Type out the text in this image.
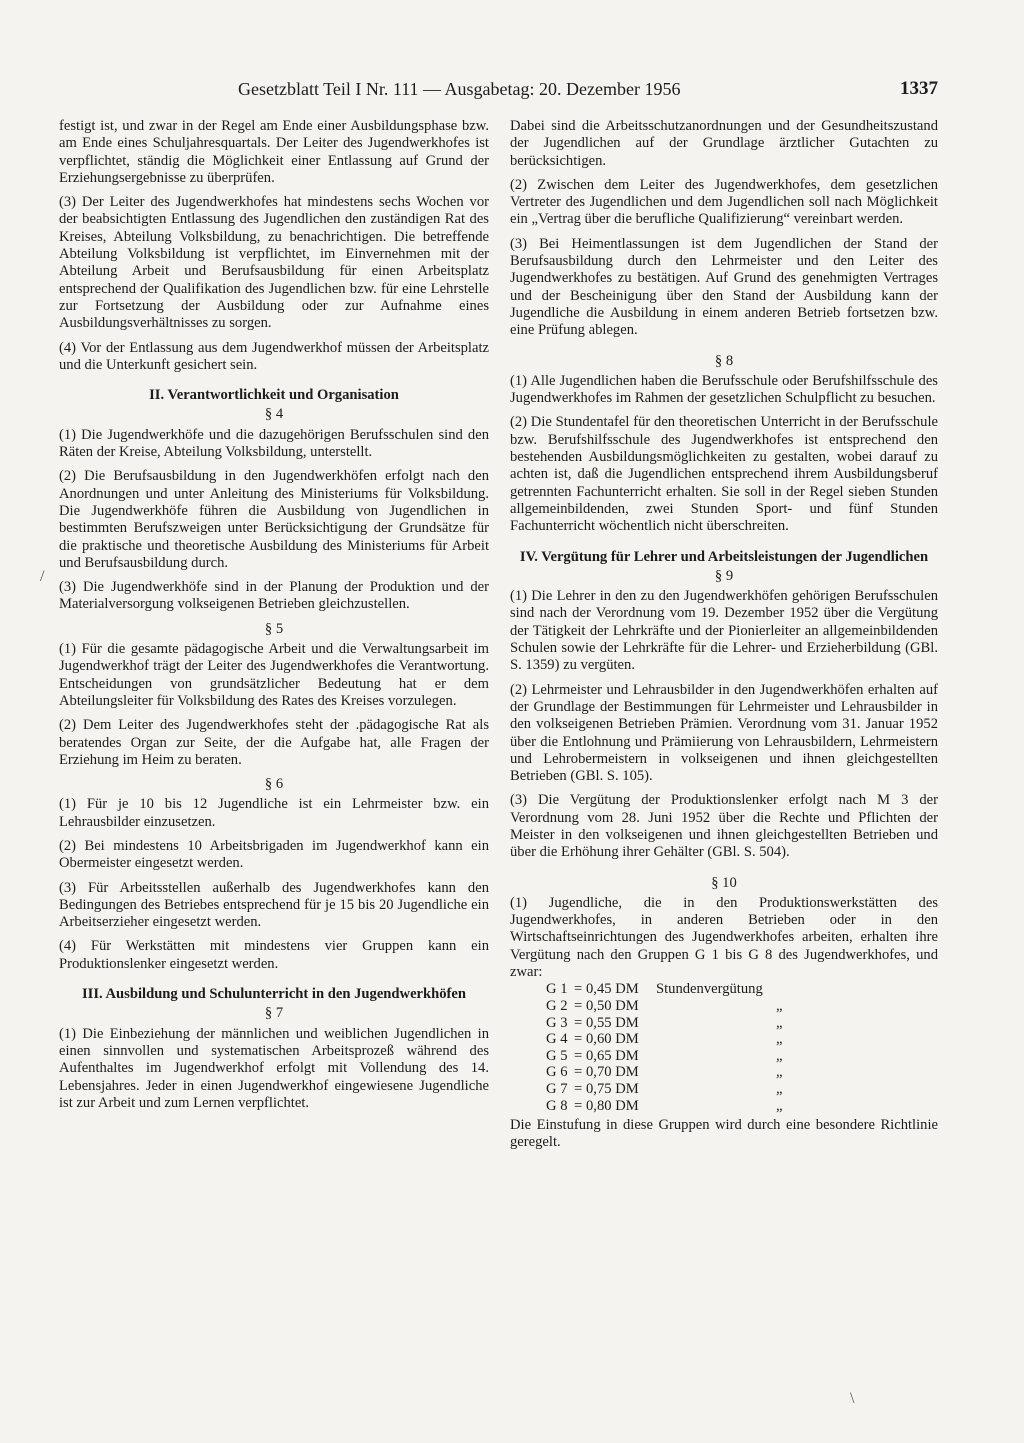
Gesetzblatt Teil I Nr. 111 — Ausgabetag: 20. Dezember 1956	1337

festigt ist, und zwar in der Regel am Ende einer Ausbildungsphase bzw. am Ende eines Schuljahresquartals. Der Leiter des Jugendwerkhofes ist verpflichtet, ständig die Möglichkeit einer Entlassung auf Grund der Erziehungsergebnisse zu überprüfen.

(3) Der Leiter des Jugendwerkhofes hat mindestens sechs Wochen vor der beabsichtigten Entlassung des Jugendlichen den zuständigen Rat des Kreises, Abteilung Volksbildung, zu benachrichtigen. Die betreffende Abteilung Volksbildung ist verpflichtet, im Einvernehmen mit der Abteilung Arbeit und Berufsausbildung für einen Arbeitsplatz entsprechend der Qualifikation des Jugendlichen bzw. für eine Lehrstelle zur Fortsetzung der Ausbildung oder zur Aufnahme eines Ausbildungsverhältnisses zu sorgen.

(4) Vor der Entlassung aus dem Jugendwerkhof müssen der Arbeitsplatz und die Unterkunft gesichert sein.

II. Verantwortlichkeit und Organisation
§ 4

(1) Die Jugendwerkhöfe und die dazugehörigen Berufsschulen sind den Räten der Kreise, Abteilung Volksbildung, unterstellt.

(2) Die Berufsausbildung in den Jugendwerkhöfen erfolgt nach den Anordnungen und unter Anleitung des Ministeriums für Volksbildung. Die Jugendwerkhöfe führen die Ausbildung von Jugendlichen in bestimmten Berufszweigen unter Berücksichtigung der Grundsätze für die praktische und theoretische Ausbildung des Ministeriums für Arbeit und Berufsausbildung durch.

(3) Die Jugendwerkhöfe sind in der Planung der Produktion und der Materialversorgung volkseigenen Betrieben gleichzustellen.

§ 5

(1) Für die gesamte pädagogische Arbeit und die Verwaltungsarbeit im Jugendwerkhof trägt der Leiter des Jugendwerkhofes die Verantwortung. Entscheidungen von grundsätzlicher Bedeutung hat er dem Abteilungsleiter für Volksbildung des Rates des Kreises vorzulegen.

(2) Dem Leiter des Jugendwerkhofes steht der .pädagogische Rat als beratendes Organ zur Seite, der die Aufgabe hat, alle Fragen der Erziehung im Heim zu beraten.

§ 6

(1) Für je 10 bis 12 Jugendliche ist ein Lehrmeister bzw. ein Lehrausbilder einzusetzen.

(2) Bei mindestens 10 Arbeitsbrigaden im Jugendwerkhof kann ein Obermeister eingesetzt werden.

(3) Für Arbeitsstellen außerhalb des Jugendwerkhofes kann den Bedingungen des Betriebes entsprechend für je 15 bis 20 Jugendliche ein Arbeitserzieher eingesetzt werden.

(4) Für Werkstätten mit mindestens vier Gruppen kann ein Produktionslenker eingesetzt werden.

III. Ausbildung und Schulunterricht in den Jugendwerkhöfen
§ 7

(1) Die Einbeziehung der männlichen und weiblichen Jugendlichen in einen sinnvollen und systematischen Arbeitsprozeß während des Aufenthaltes im Jugendwerkhof erfolgt mit Vollendung des 14. Lebensjahres. Jeder in einen Jugendwerkhof eingewiesene Jugendliche ist zur Arbeit und zum Lernen verpflichtet.

Dabei sind die Arbeitsschutzanordnungen und der Gesundheitszustand der Jugendlichen auf der Grundlage ärztlicher Gutachten zu berücksichtigen.

(2) Zwischen dem Leiter des Jugendwerkhofes, dem gesetzlichen Vertreter des Jugendlichen und dem Jugendlichen soll nach Möglichkeit ein „Vertrag über die berufliche Qualifizierung“ vereinbart werden.

(3) Bei Heimentlassungen ist dem Jugendlichen der Stand der Berufsausbildung durch den Lehrmeister und den Leiter des Jugendwerkhofes zu bestätigen. Auf Grund des genehmigten Vertrages und der Bescheinigung über den Stand der Ausbildung kann der Jugendliche die Ausbildung in einem anderen Betrieb fortsetzen bzw. eine Prüfung ablegen.

§ 8

(1) Alle Jugendlichen haben die Berufsschule oder Berufshilfsschule des Jugendwerkhofes im Rahmen der gesetzlichen Schulpflicht zu besuchen.

(2) Die Stundentafel für den theoretischen Unterricht in der Berufsschule bzw. Berufshilfsschule des Jugendwerkhofes ist entsprechend den bestehenden Ausbildungsmöglichkeiten zu gestalten, wobei darauf zu achten ist, daß die Jugendlichen entsprechend ihrem Ausbildungsberuf getrennten Fachunterricht erhalten. Sie soll in der Regel sieben Stunden allgemeinbildenden, zwei Stunden Sport- und fünf Stunden Fachunterricht wöchentlich nicht überschreiten.

IV. Vergütung für Lehrer und Arbeitsleistungen der Jugendlichen
§ 9

(1) Die Lehrer in den zu den Jugendwerkhöfen gehörigen Berufsschulen sind nach der Verordnung vom 19. Dezember 1952 über die Vergütung der Tätigkeit der Lehrkräfte und der Pionierleiter an allgemeinbildenden Schulen sowie der Lehrkräfte für die Lehrer- und Erzieherbildung (GBl. S. 1359) zu vergüten.

(2) Lehrmeister und Lehrausbilder in den Jugendwerkhöfen erhalten auf der Grundlage der Bestimmungen für Lehrmeister und Lehrausbilder in den volkseigenen Betrieben Prämien. Verordnung vom 31. Januar 1952 über die Entlohnung und Prämiierung von Lehrausbildern, Lehrmeistern und Lehrobermeistern in volkseigenen und ihnen gleichgestellten Betrieben (GBl. S. 105).

(3) Die Vergütung der Produktionslenker erfolgt nach M 3 der Verordnung vom 28. Juni 1952 über die Rechte und Pflichten der Meister in den volkseigenen und ihnen gleichgestellten Betrieben und über die Erhöhung ihrer Gehälter (GBl. S. 504).

§ 10

(1) Jugendliche, die in den Produktionswerkstätten des Jugendwerkhofes, in anderen Betrieben oder in den Wirtschaftseinrichtungen des Jugendwerkhofes arbeiten, erhalten ihre Vergütung nach den Gruppen G 1 bis G 8 des Jugendwerkhofes, und zwar:

G 1	=	0,45 DM	Stundenvergütung
G 2	=	0,50 DM	„
G 3	=	0,55 DM	„
G 4	=	0,60 DM	„
G 5	=	0,65 DM	„
G 6	=	0,70 DM	„
G 7	=	0,75 DM	„
G 8	=	0,80 DM	„

Die Einstufung in diese Gruppen wird durch eine besondere Richtlinie geregelt.

/
\
